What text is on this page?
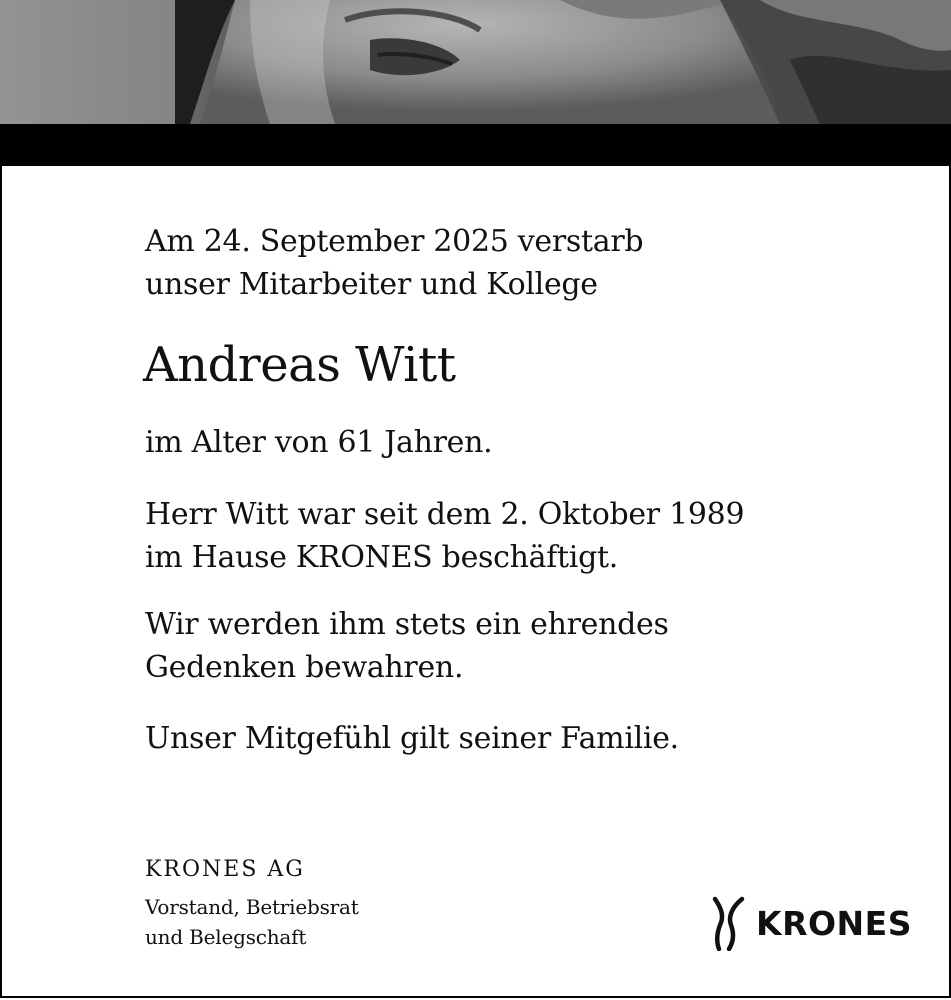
Am 24. September 2025 verstarb
unser Mitarbeiter und Kollege
Andreas Witt
im Alter von 61 Jahren.
Herr Witt war seit dem 2. Oktober 1989
im Hause KRONES beschäftigt.
Wir werden ihm stets ein ehrendes
Gedenken bewahren.
Unser Mitgefühl gilt seiner Familie.
KRONES AG
Vorstand, Betriebsrat
und Belegschaft	KRONES
